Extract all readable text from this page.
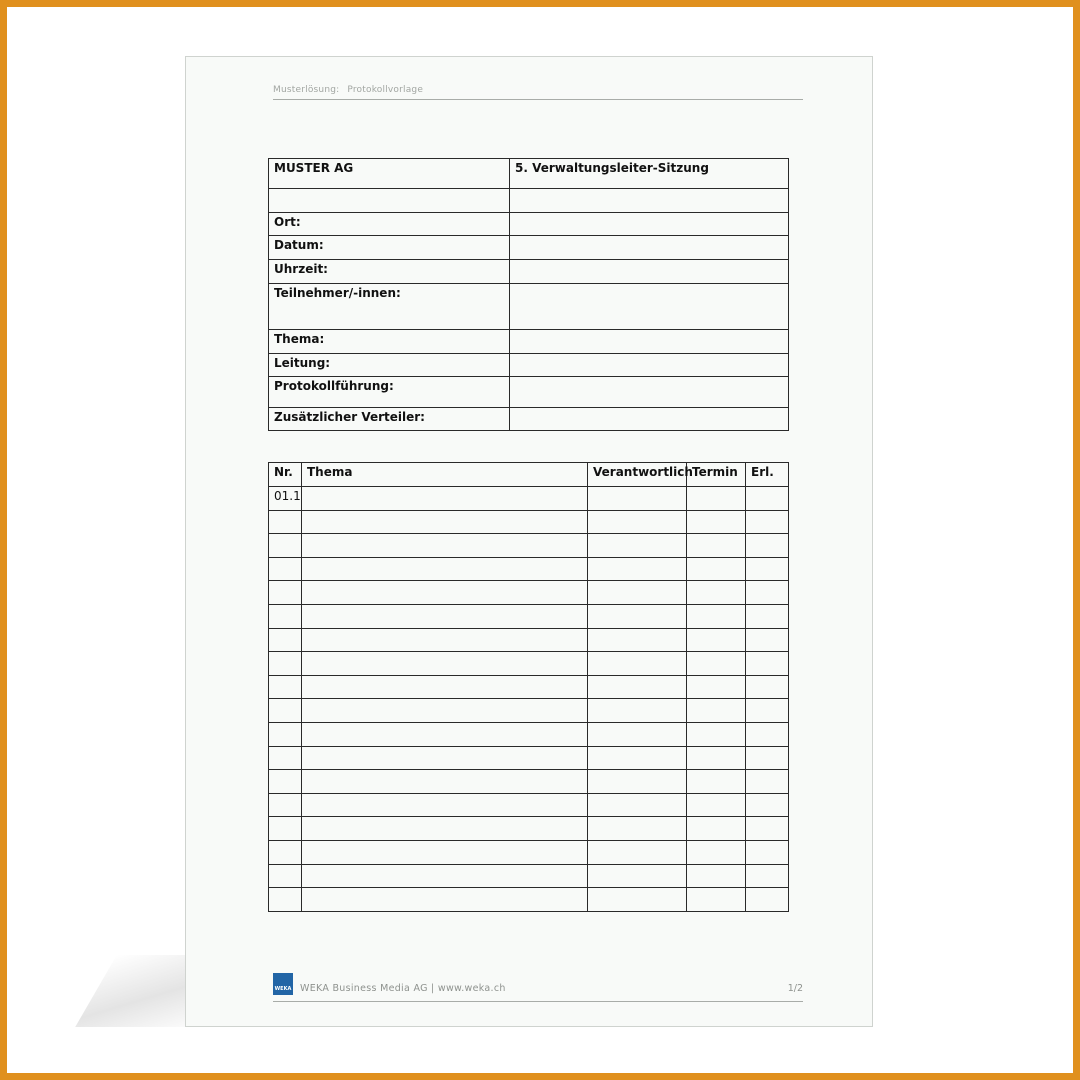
Musterlösung: Protokollvorlage
MUSTER AG	5. Verwaltungsleiter-Sitzung

Ort:	
Datum:	
Uhrzeit:	
Teilnehmer/-innen:	
Thema:	
Leitung:	
Protokollführung:	
Zusätzlicher Verteiler:	
Nr.	Thema	Verantwortlich	Termin	Erl.
01.1				

WEKA WEKA Business Media AG | www.weka.ch	1/2
